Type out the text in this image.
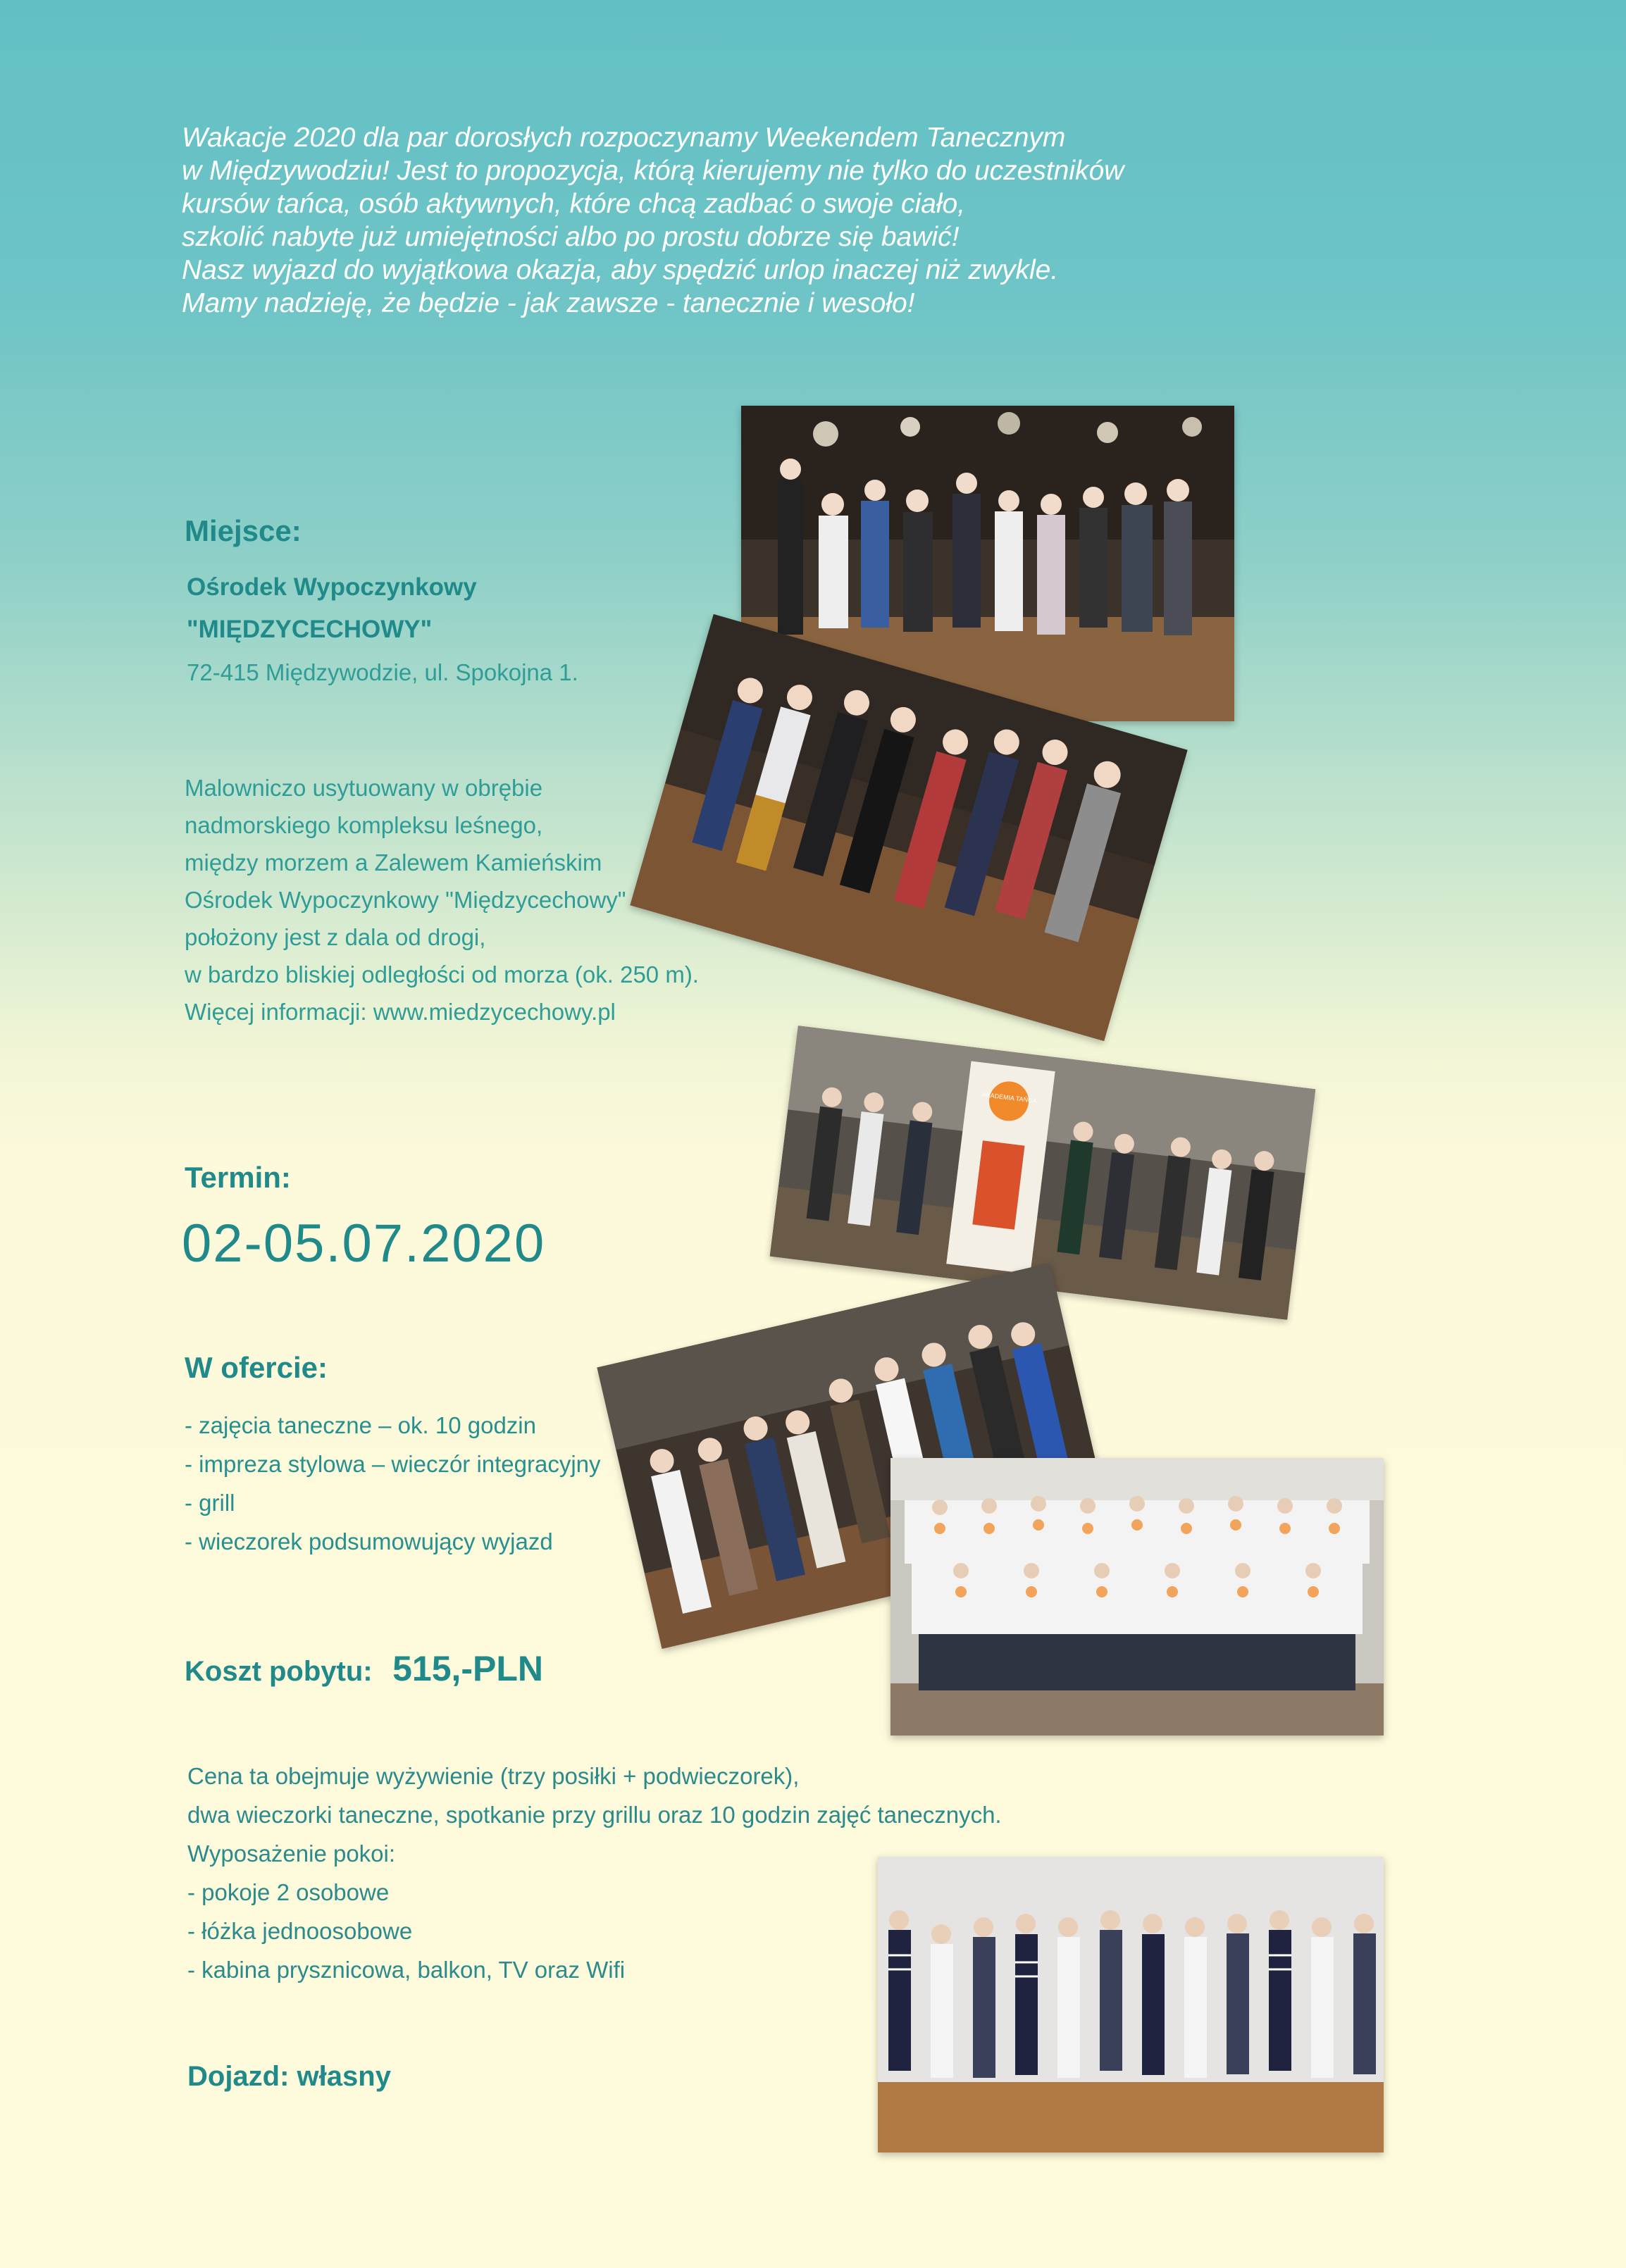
Wakacje 2020 dla par dorosłych rozpoczynamy Weekendem Tanecznym

w Międzywodziu! Jest to propozycja, którą kierujemy nie tylko do uczestników

kursów tańca, osób aktywnych, które chcą zadbać o swoje ciało,

szkolić nabyte już umiejętności albo po prostu dobrze się bawić!

Nasz wyjazd do wyjątkowa okazja, aby spędzić urlop inaczej niż zwykle.

Mamy nadzieję, że będzie - jak zawsze - tanecznie i wesoło!

Miejsce:
Ośrodek Wypoczynkowy
"MIĘDZYCECHOWY"
72-415 Międzywodzie, ul. Spokojna 1.

Malowniczo usytuowany w obrębie

nadmorskiego kompleksu leśnego,

między morzem a Zalewem Kamieńskim

Ośrodek Wypoczynkowy "Międzycechowy"

położony jest z dala od drogi,

w bardzo bliskiej odległości od morza (ok. 250 m).

Więcej informacji: www.miedzycechowy.pl

Termin:
02-05.07.2020
W ofercie:

- zajęcia taneczne – ok. 10 godzin

- impreza stylowa – wieczór integracyjny

- grill

- wieczorek podsumowujący wyjazd

Koszt pobytu: 515,-PLN

Cena ta obejmuje wyżywienie (trzy posiłki + podwieczorek),

dwa wieczorki taneczne, spotkanie przy grillu oraz 10 godzin zajęć tanecznych.

Wyposażenie pokoi:

- pokoje 2 osobowe

- łóżka jednoosobowe

- kabina prysznicowa, balkon, TV oraz Wifi

Dojazd: własny
AKADEMIA TAŃCA
